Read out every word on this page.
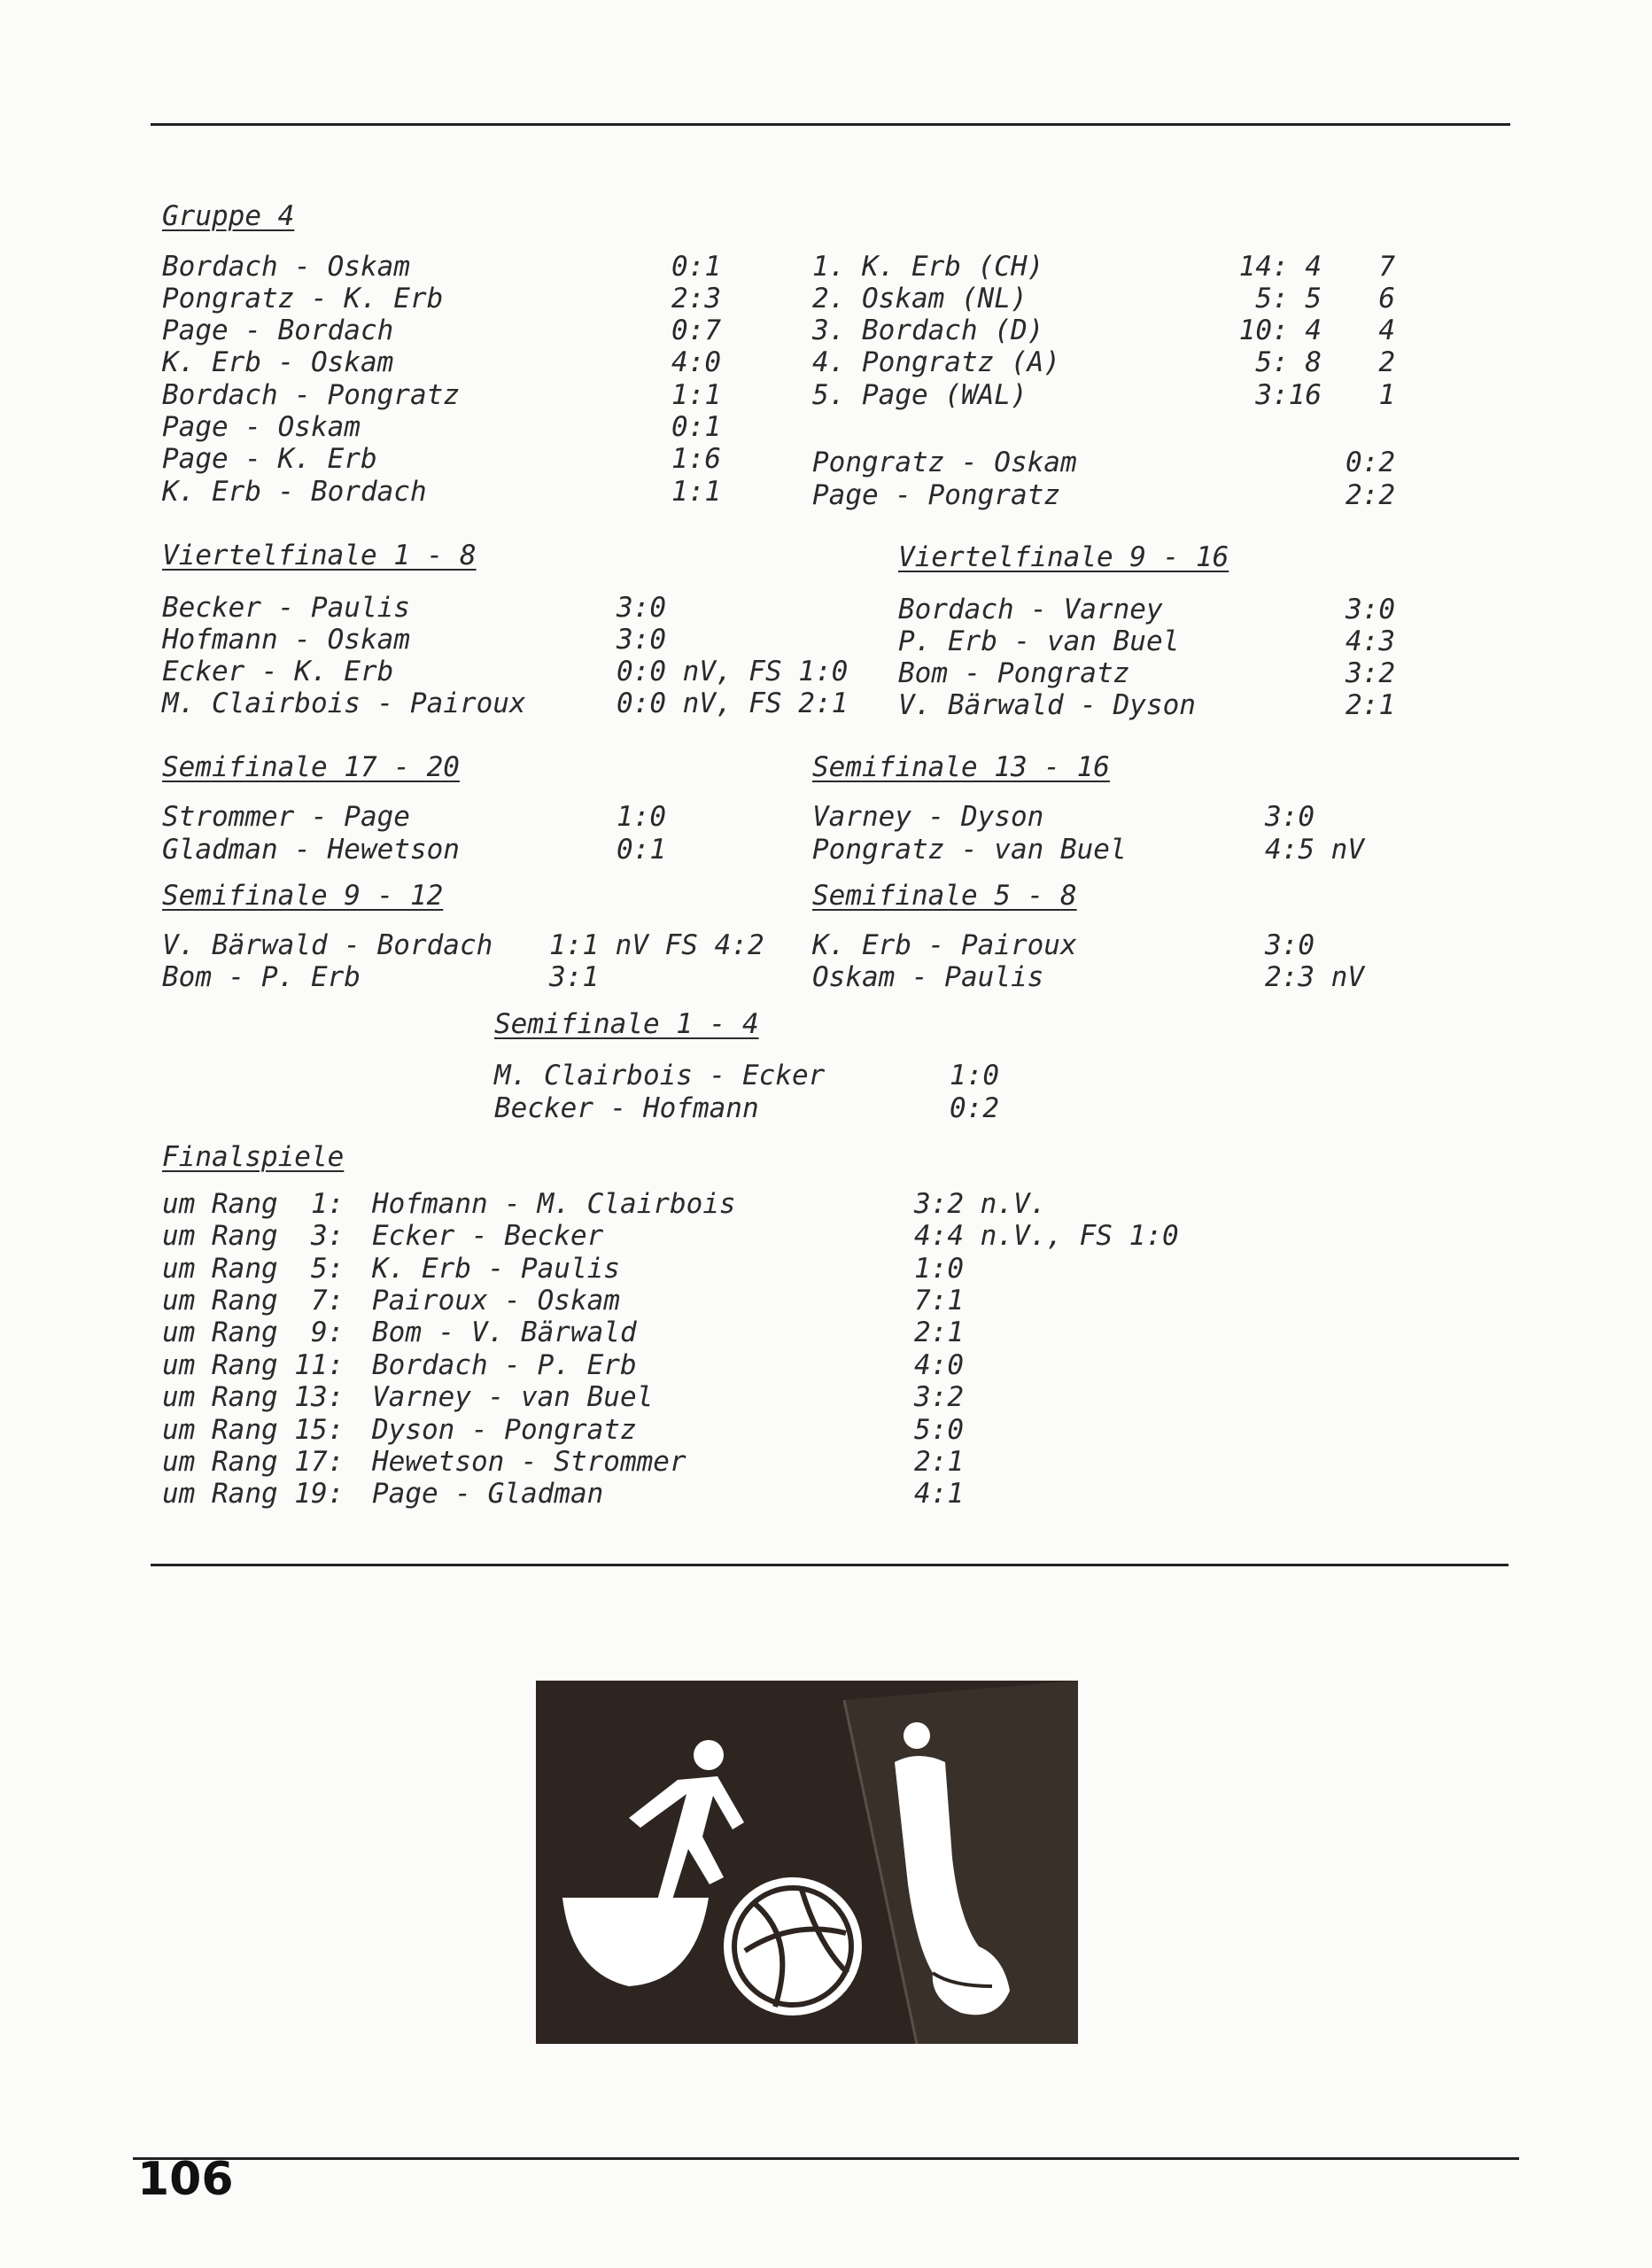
Gruppe 4
Bordach - Oskam	0:1
Pongratz - K. Erb	2:3
Page - Bordach	0:7
K. Erb - Oskam	4:0
Bordach - Pongratz	1:1
Page - Oskam	0:1
Page - K. Erb	1:6
K. Erb - Bordach	1:1
1. K. Erb (CH)	14: 4	7
2. Oskam (NL)	5: 5	6
3. Bordach (D)	10: 4	4
4. Pongratz (A)	5: 8	2
5. Page (WAL)	3:16	1
Pongratz - Oskam	0:2
Page - Pongratz	2:2
Viertelfinale 1 - 8
Becker - Paulis	3:0
Hofmann - Oskam	3:0
Ecker - K. Erb	0:0 nV, FS 1:0
M. Clairbois - Pairoux	0:0 nV, FS 2:1
Viertelfinale 9 - 16
Bordach - Varney	3:0
P. Erb - van Buel	4:3
Bom - Pongratz	3:2
V. Bärwald - Dyson	2:1
Semifinale 17 - 20
Strommer - Page	1:0
Gladman - Hewetson	0:1
Semifinale 13 - 16
Varney - Dyson	3:0
Pongratz - van Buel	4:5 nV
Semifinale 9 - 12
V. Bärwald - Bordach 1:1 nV FS 4:2
Bom - P. Erb	3:1
Semifinale 5 - 8
K. Erb - Pairoux	3:0
Oskam - Paulis	2:3 nV
Semifinale 1 - 4
M. Clairbois - Ecker	1:0
Becker - Hofmann	0:2
Finalspiele
um Rang  1: Hofmann - M. Clairbois	3:2 n.V.
um Rang  3: Ecker - Becker	4:4 n.V., FS 1:0
um Rang  5: K. Erb - Paulis	1:0
um Rang  7: Pairoux - Oskam	7:1
um Rang  9: Bom - V. Bärwald	2:1
um Rang 11: Bordach - P. Erb	4:0
um Rang 13: Varney - van Buel	3:2
um Rang 15: Dyson - Pongratz	5:0
um Rang 17: Hewetson - Strommer	2:1
um Rang 19: Page - Gladman	4:1
106
